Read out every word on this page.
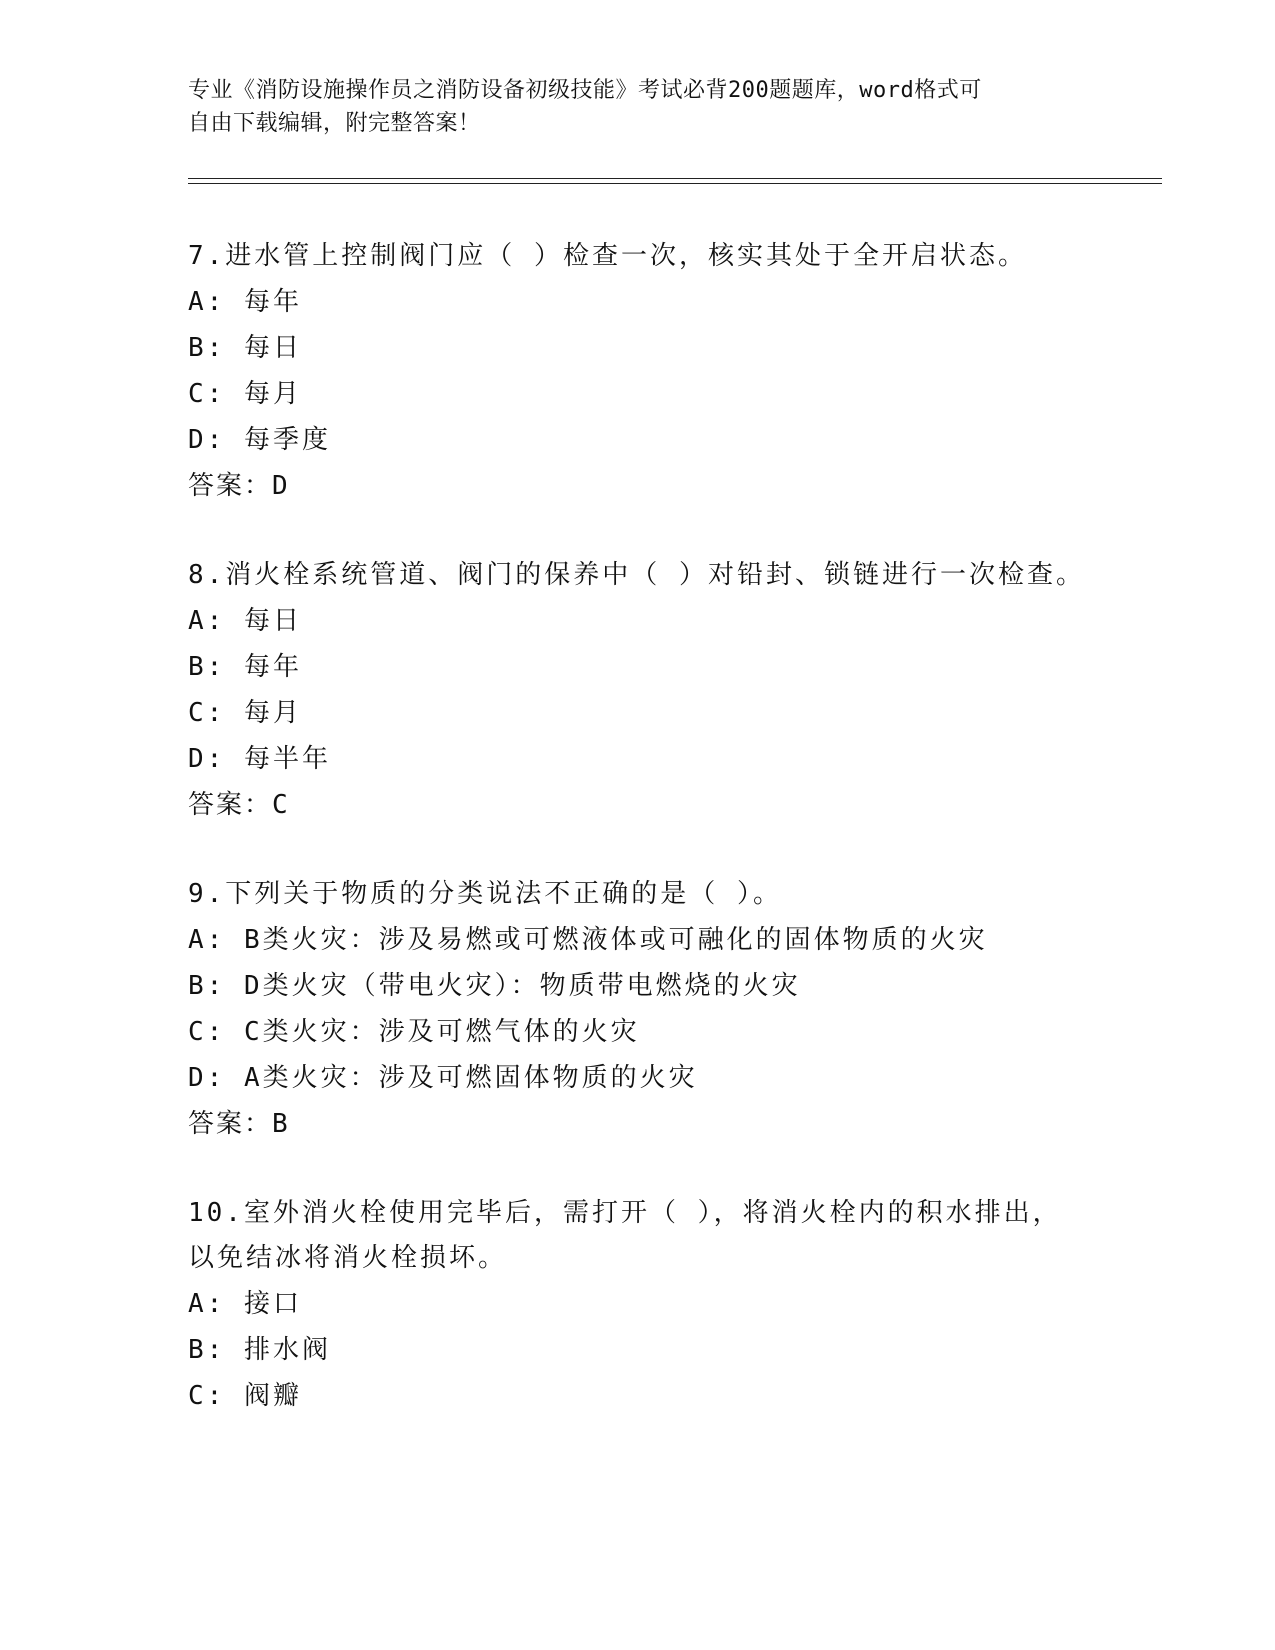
专业《消防设施操作员之消防设备初级技能》考试必背200题题库，word格式可
自由下载编辑，附完整答案！

7.进水管上控制阀门应（ ）检查一次，核实其处于全开启状态。

A: 每年

B: 每日

C: 每月

D: 每季度

答案：D

8.消火栓系统管道、阀门的保养中（ ）对铅封、锁链进行一次检查。

A: 每日

B: 每年

C: 每月

D: 每半年

答案：C

9.下列关于物质的分类说法不正确的是（ ）。

A: B类火灾：涉及易燃或可燃液体或可融化的固体物质的火灾

B: D类火灾（带电火灾）：物质带电燃烧的火灾

C: C类火灾：涉及可燃气体的火灾

D: A类火灾：涉及可燃固体物质的火灾

答案：B

10.室外消火栓使用完毕后，需打开（ ），将消火栓内的积水排出，以免结冰将消火栓损坏。

A: 接口

B: 排水阀

C: 阀瓣
